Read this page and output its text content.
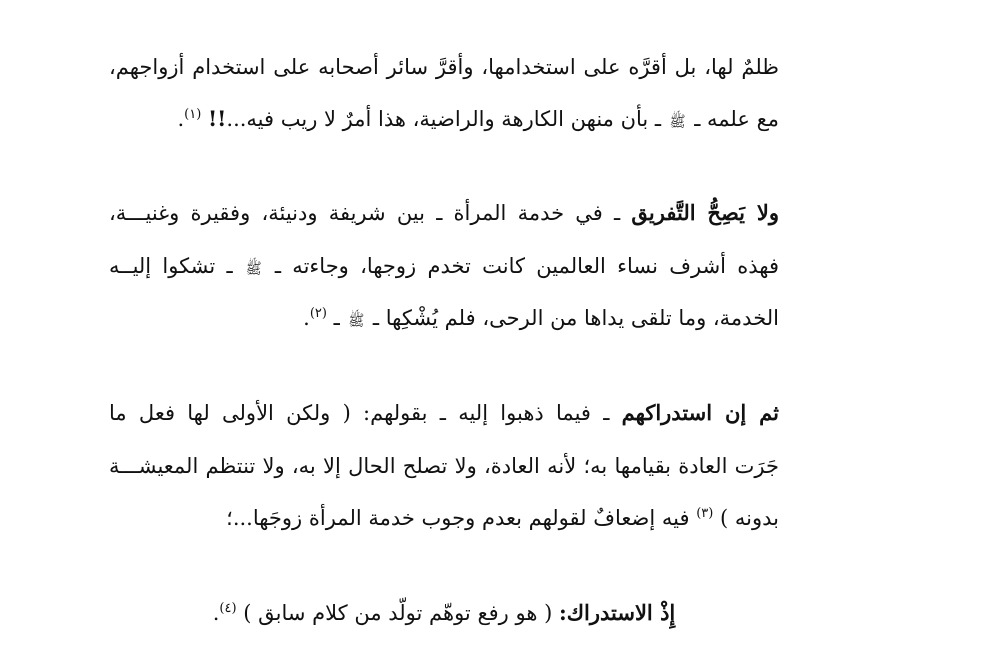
ظلمٌ لها، بل أقرَّه على استخدامها، وأقرَّ سائر أصحابه على استخدام أزواجهم،
مع علمه ـ ﷺ ـ بأن منهن الكارهة والراضية، هذا أمرٌ لا ريب فيه...!! $^{(١)}$.
ولا يَصِحُّ التَّفريق ـ في خدمة المرأة ـ بين شريفة ودنيئة، وفقيرة وغنيـــة،
فهذه أشرف نساء العالمين كانت تخدم زوجها، وجاءته ـ ﷺ ـ تشكوا إليــه
الخدمة، وما تلقى يداها من الرحى، فلم يُشْكِها ـ ﷺ ـ $^{(٢)}$.
ثم إن استدراكهم ـ فيما ذهبوا إليه ـ بقولهم: ( ولكن الأولى لها فعل ما
جَرَت العادة بقيامها به؛ لأنه العادة، ولا تصلح الحال إلا به، ولا تنتظم المعيشـــة
بدونه ) $^{(٣)}$ فيه إضعافٌ لقولهم بعدم وجوب خدمة المرأة زوجَها...؛
إِذْ الاستدراك: ( هو رفع توهّم تولّد من كلام سابق ) $^{(٤)}$.
